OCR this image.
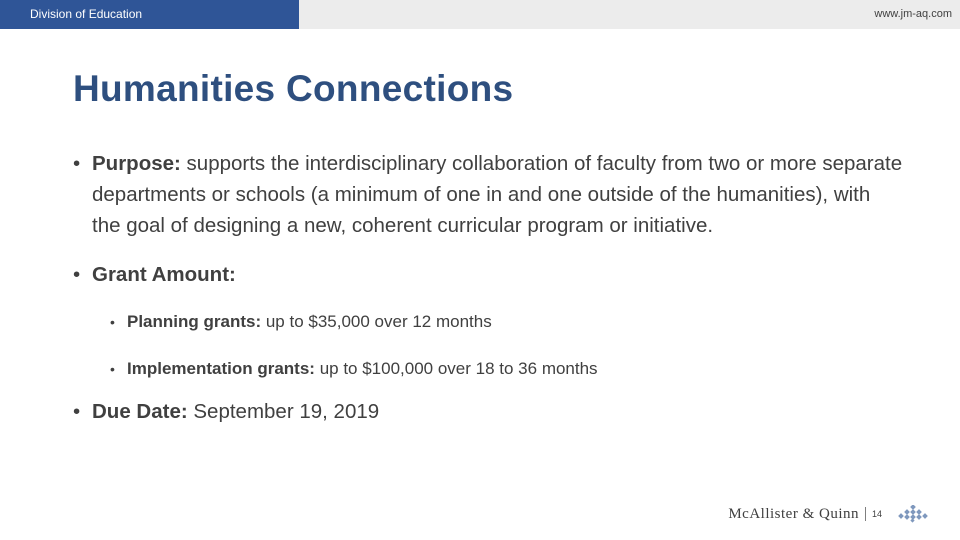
Division of Education	www.jm-aq.com
Humanities Connections
• Purpose: supports the interdisciplinary collaboration of faculty from two or more separate departments or schools (a minimum of one in and one outside of the humanities), with the goal of designing a new, coherent curricular program or initiative.
• Grant Amount:
• Planning grants: up to $35,000 over 12 months
• Implementation grants: up to $100,000 over 18 to 36 months
• Due Date: September 19, 2019
McAllister & Quinn 14
